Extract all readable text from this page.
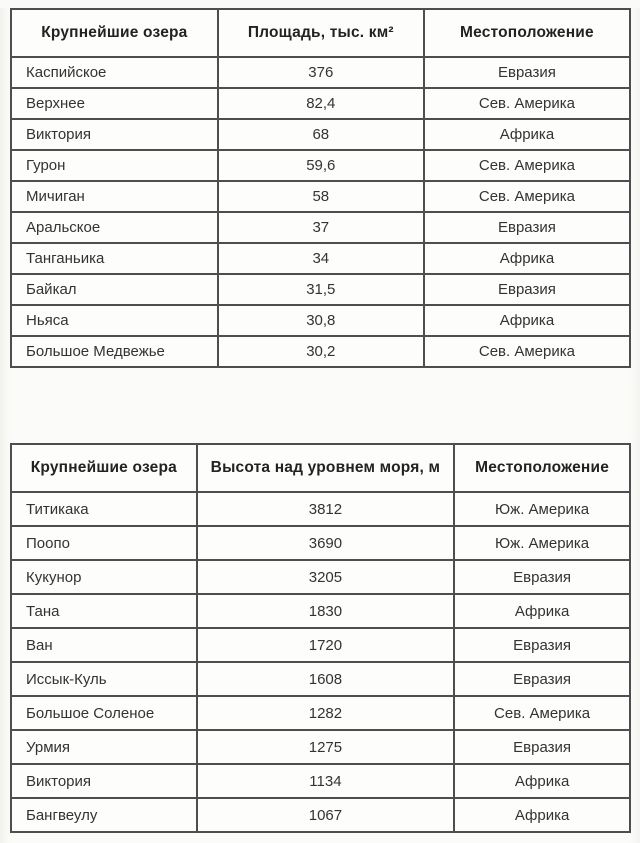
Крупнейшие озера	Площадь, тыс. км²	Местоположение
Каспийское	376	Евразия
Верхнее	82,4	Сев. Америка
Виктория	68	Африка
Гурон	59,6	Сев. Америка
Мичиган	58	Сев. Америка
Аральское	37	Евразия
Танганьика	34	Африка
Байкал	31,5	Евразия
Ньяса	30,8	Африка
Большое Медвежье	30,2	Сев. Америка
Крупнейшие озера	Высота над уровнем моря, м	Местоположение
Титикака	3812	Юж. Америка
Поопо	3690	Юж. Америка
Кукунор	3205	Евразия
Тана	1830	Африка
Ван	1720	Евразия
Иссык-Куль	1608	Евразия
Большое Соленое	1282	Сев. Америка
Урмия	1275	Евразия
Виктория	1134	Африка
Бангвеулу	1067	Африка
